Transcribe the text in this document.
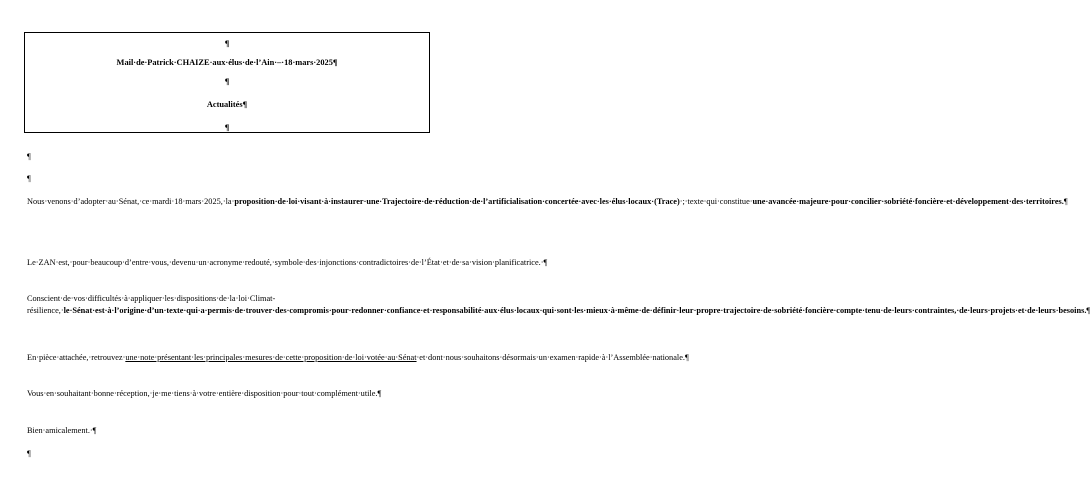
¶
Mail·de·Patrick·CHAIZE·aux·élus·de·l’Ain·–·18·mars·2025¶
¶
Actualités¶
¶
¶
¶
Nous·venons·d’adopter·au·Sénat,·ce·mardi·18·mars·2025,·la·proposition·de·loi·visant·à·instaurer·une·Trajectoire·de·réduction·de·l’artificialisation·concertée·avec·les·élus·locaux·(Trace)·;·texte·qui·constitue·une·avancée·majeure·pour·concilier·sobriété·foncière·et·développement·des·territoires.¶
Le·ZAN·est,·pour·beaucoup·d’entre·vous,·devenu·un·acronyme·redouté,·symbole·des·injonctions·contradictoires·de·l’État·et·de·sa·vision·planificatrice.·¶
Conscient·de·vos·difficultés·à·appliquer·les·dispositions·de·la·loi·Climat-résilience,·le·Sénat·est·à·l’origine·d’un·texte·qui·a·permis·de·trouver·des·compromis·pour·redonner·confiance·et·responsabilité·aux·élus·locaux·qui·sont·les·mieux·à·même·de·définir·leur·propre·trajectoire·de·sobriété·foncière·compte·tenu·de·leurs·contraintes,·de·leurs·projets·et·de·leurs·besoins.¶
En·pièce·attachée,·retrouvez·une·note·présentant·les·principales·mesures·de·cette·proposition·de·loi·votée·au·Sénat·et·dont·nous·souhaitons·désormais·un·examen·rapide·à·l’Assemblée·nationale.¶
Vous·en·souhaitant·bonne·réception,·je·me·tiens·à·votre·entière·disposition·pour·tout·complément·utile.¶
Bien·amicalement.·¶
¶
